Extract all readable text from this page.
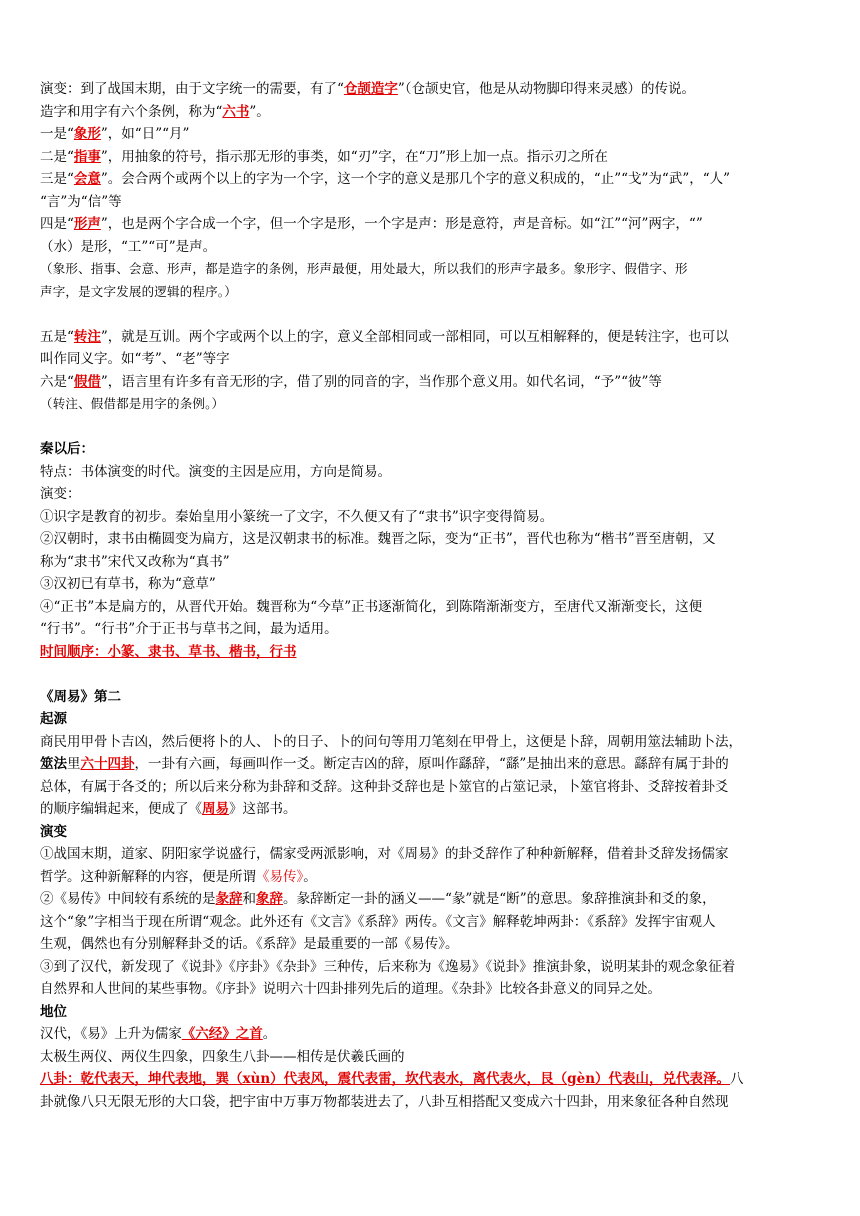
演变：到了战国末期，由于文字统一的需要，有了“仓颉造字”（仓颉史官，他是从动物脚印得来灵感）的传说。
造字和用字有六个条例，称为“六书”。
一是“象形”，如“日”“月”
二是“指事”，用抽象的符号，指示那无形的事类，如“刃”字，在“刀”形上加一点。指示刃之所在
三是“会意”。会合两个或两个以上的字为一个字，这一个字的意义是那几个字的意义积成的，“止”“戈”为“武”，“人”
“言”为“信”等
四是“形声”，也是两个字合成一个字，但一个字是形，一个字是声：形是意符，声是音标。如“江”“河”两字，“”
（水）是形，“工”“可”是声。
（象形、指事、会意、形声，都是造字的条例，形声最便，用处最大，所以我们的形声字最多。象形字、假借字、形
声字，是文字发展的逻辑的程序。）
五是“转注”，就是互训。两个字或两个以上的字，意义全部相同或一部相同，可以互相解释的，便是转注字，也可以
叫作同义字。如“考”、“老”等字
六是“假借”，语言里有许多有音无形的字，借了别的同音的字，当作那个意义用。如代名词，“予”“彼”等
（转注、假借都是用字的条例。）
秦以后：
特点：书体演变的时代。演变的主因是应用，方向是简易。
演变：
①识字是教育的初步。秦始皇用小篆统一了文字，不久便又有了“隶书”识字变得简易。
②汉朝时，隶书由椭圆变为扁方，这是汉朝隶书的标准。魏晋之际，变为“正书”，晋代也称为“楷书”晋至唐朝，又
称为“隶书”宋代又改称为“真书”
③汉初已有草书，称为“意草”
④“正书”本是扁方的，从晋代开始。魏晋称为“今草”正书逐渐简化，到陈隋渐渐变方，至唐代又渐渐变长，这便
“行书”。“行书”介于正书与草书之间，最为适用。
时间顺序：小篆、隶书、草书、楷书，行书
《周易》第二
起源
商民用甲骨卜吉凶，然后便将卜的人、卜的日子、卜的问句等用刀笔刻在甲骨上，这便是卜辞，周朝用筮法辅助卜法，
筮法里六十四卦，一卦有六画，每画叫作一爻。断定吉凶的辞，原叫作繇辞，“繇”是抽出来的意思。繇辞有属于卦的
总体，有属于各爻的；所以后来分称为卦辞和爻辞。这种卦爻辞也是卜筮官的占筮记录，卜筮官将卦、爻辞按着卦爻
的顺序编辑起来，便成了《周易》这部书。
演变
①战国末期，道家、阴阳家学说盛行，儒家受两派影响，对《周易》的卦爻辞作了种种新解释，借着卦爻辞发扬儒家
哲学。这种新解释的内容，便是所谓《易传》。
②《易传》中间较有系统的是彖辞和象辞。彖辞断定一卦的涵义——“彖”就是“断”的意思。象辞推演卦和爻的象，
这个“象”字相当于现在所谓“观念。此外还有《文言》《系辞》两传。《文言》解释乾坤两卦：《系辞》发挥宇宙观人
生观，偶然也有分别解释卦爻的话。《系辞》是最重要的一部《易传》。
③到了汉代，新发现了《说卦》《序卦》《杂卦》三种传，后来称为《逸易》《说卦》推演卦象，说明某卦的观念象征着
自然界和人世间的某些事物。《序卦》说明六十四卦排列先后的道理。《杂卦》比较各卦意义的同异之处。
地位
汉代，《易》上升为儒家《六经》之首。
太极生两仪、两仪生四象，四象生八卦——相传是伏羲氏画的
八卦：乾代表天，坤代表地，巽（xùn）代表风，震代表雷，坎代表水，离代表火，艮（gèn）代表山，兑代表泽。八
卦就像八只无限无形的大口袋，把宇宙中万事万物都装进去了，八卦互相搭配又变成六十四卦，用来象征各种自然现
